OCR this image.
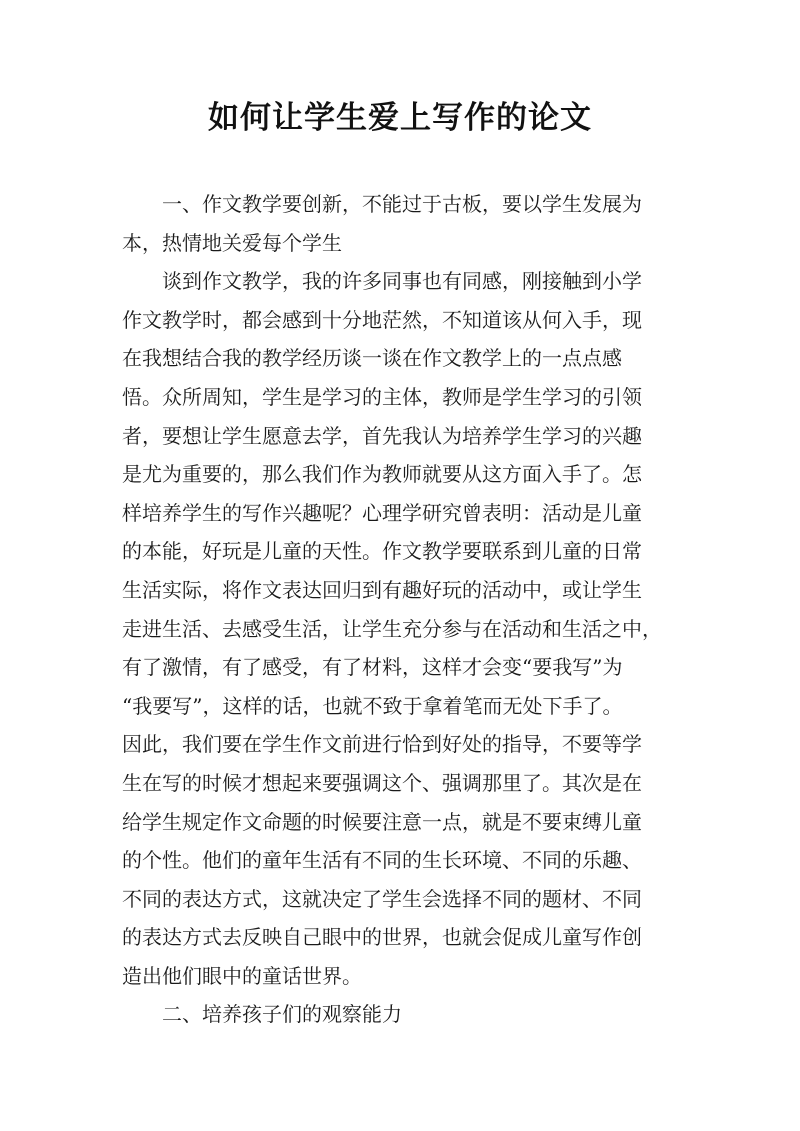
如何让学生爱上写作的论文
一、作文教学要创新，不能过于古板，要以学生发展为
本，热情地关爱每个学生
谈到作文教学，我的许多同事也有同感，刚接触到小学
作文教学时，都会感到十分地茫然，不知道该从何入手，现
在我想结合我的教学经历谈一谈在作文教学上的一点点感
悟。众所周知，学生是学习的主体，教师是学生学习的引领
者，要想让学生愿意去学，首先我认为培养学生学习的兴趣
是尤为重要的，那么我们作为教师就要从这方面入手了。怎
样培养学生的写作兴趣呢？心理学研究曾表明：活动是儿童
的本能，好玩是儿童的天性。作文教学要联系到儿童的日常
生活实际，将作文表达回归到有趣好玩的活动中，或让学生
走进生活、去感受生活，让学生充分参与在活动和生活之中，
有了激情，有了感受，有了材料，这样才会变“要我写”为
“我要写”，这样的话，也就不致于拿着笔而无处下手了。
因此，我们要在学生作文前进行恰到好处的指导，不要等学
生在写的时候才想起来要强调这个、强调那里了。其次是在
给学生规定作文命题的时候要注意一点，就是不要束缚儿童
的个性。他们的童年生活有不同的生长环境、不同的乐趣、
不同的表达方式，这就决定了学生会选择不同的题材、不同
的表达方式去反映自己眼中的世界，也就会促成儿童写作创
造出他们眼中的童话世界。
二、培养孩子们的观察能力
